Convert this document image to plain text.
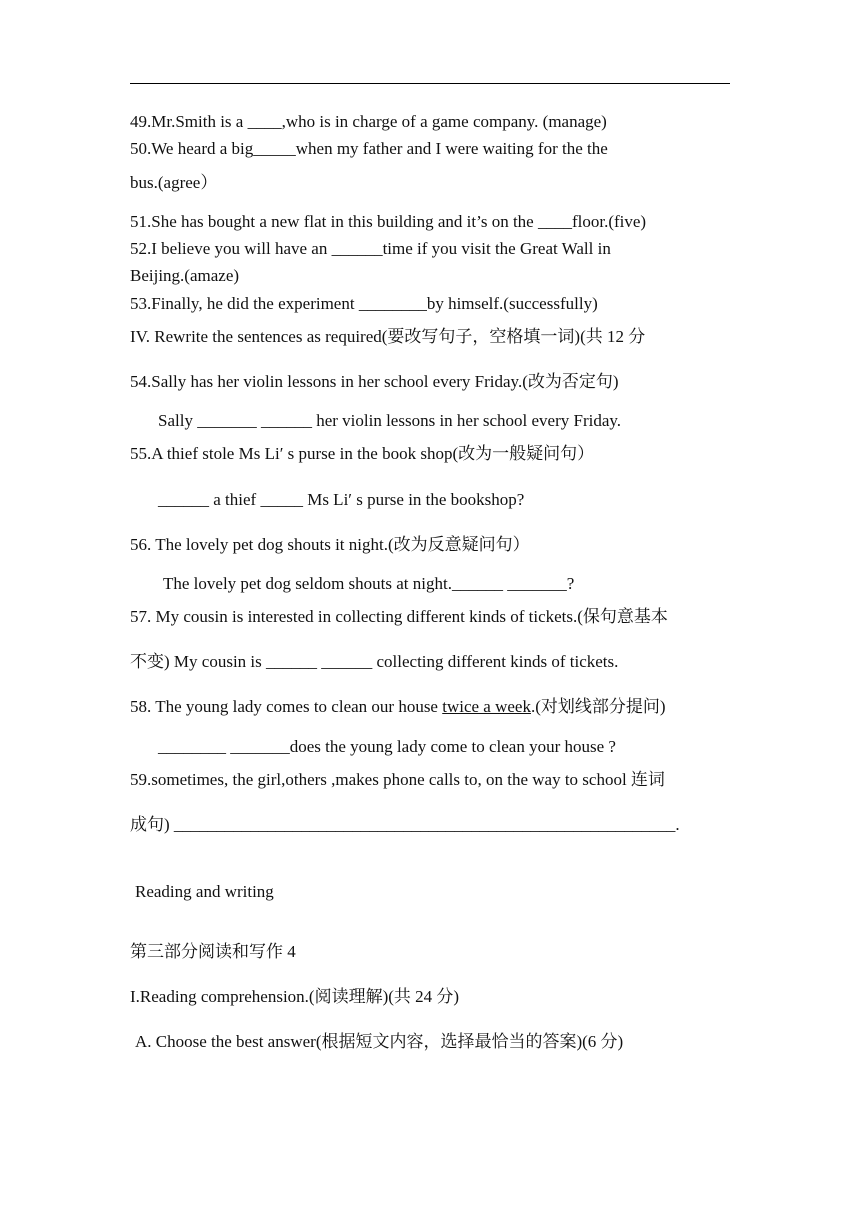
49.Mr.Smith is a ____,who is in charge of a game company. (manage)
50.We heard a big_____when my father and I were waiting for the the
bus.(agree）
51.She has bought a new flat in this building and it’s on the ____floor.(five)
52.I believe you will have an ______time if you visit the Great Wall in
Beijing.(amaze)
53.Finally, he did the experiment ________by himself.(successfully)
IV. Rewrite the sentences as required(要改写句子，空格填一词)(共 12 分
54.Sally has her violin lessons in her school every Friday.(改为否定句)
Sally _______ ______ her violin lessons in her school every Friday.
55.A thief stole Ms Li′ s purse in the book shop(改为一般疑问句）
______ a thief _____ Ms Li′ s purse in the bookshop?
56. The lovely pet dog shouts it night.(改为反意疑问句）
The lovely pet dog seldom shouts at night.______ _______?
57. My cousin is interested in collecting different kinds of tickets.(保句意基本
不变) My cousin is ______ ______ collecting different kinds of tickets.
58. The young lady comes to clean our house twice a week.(对划线部分提问)
________ _______does the young lady come to clean your house ?
59.sometimes, the girl,others ,makes phone calls to, on the way to school 连词
成句) ___________________________________________________________.
Reading and writing
第三部分阅读和写作 4
I.Reading comprehension.(阅读理解)(共 24 分)
A. Choose the best answer(根据短文内容，选择最恰当的答案)(6 分)
